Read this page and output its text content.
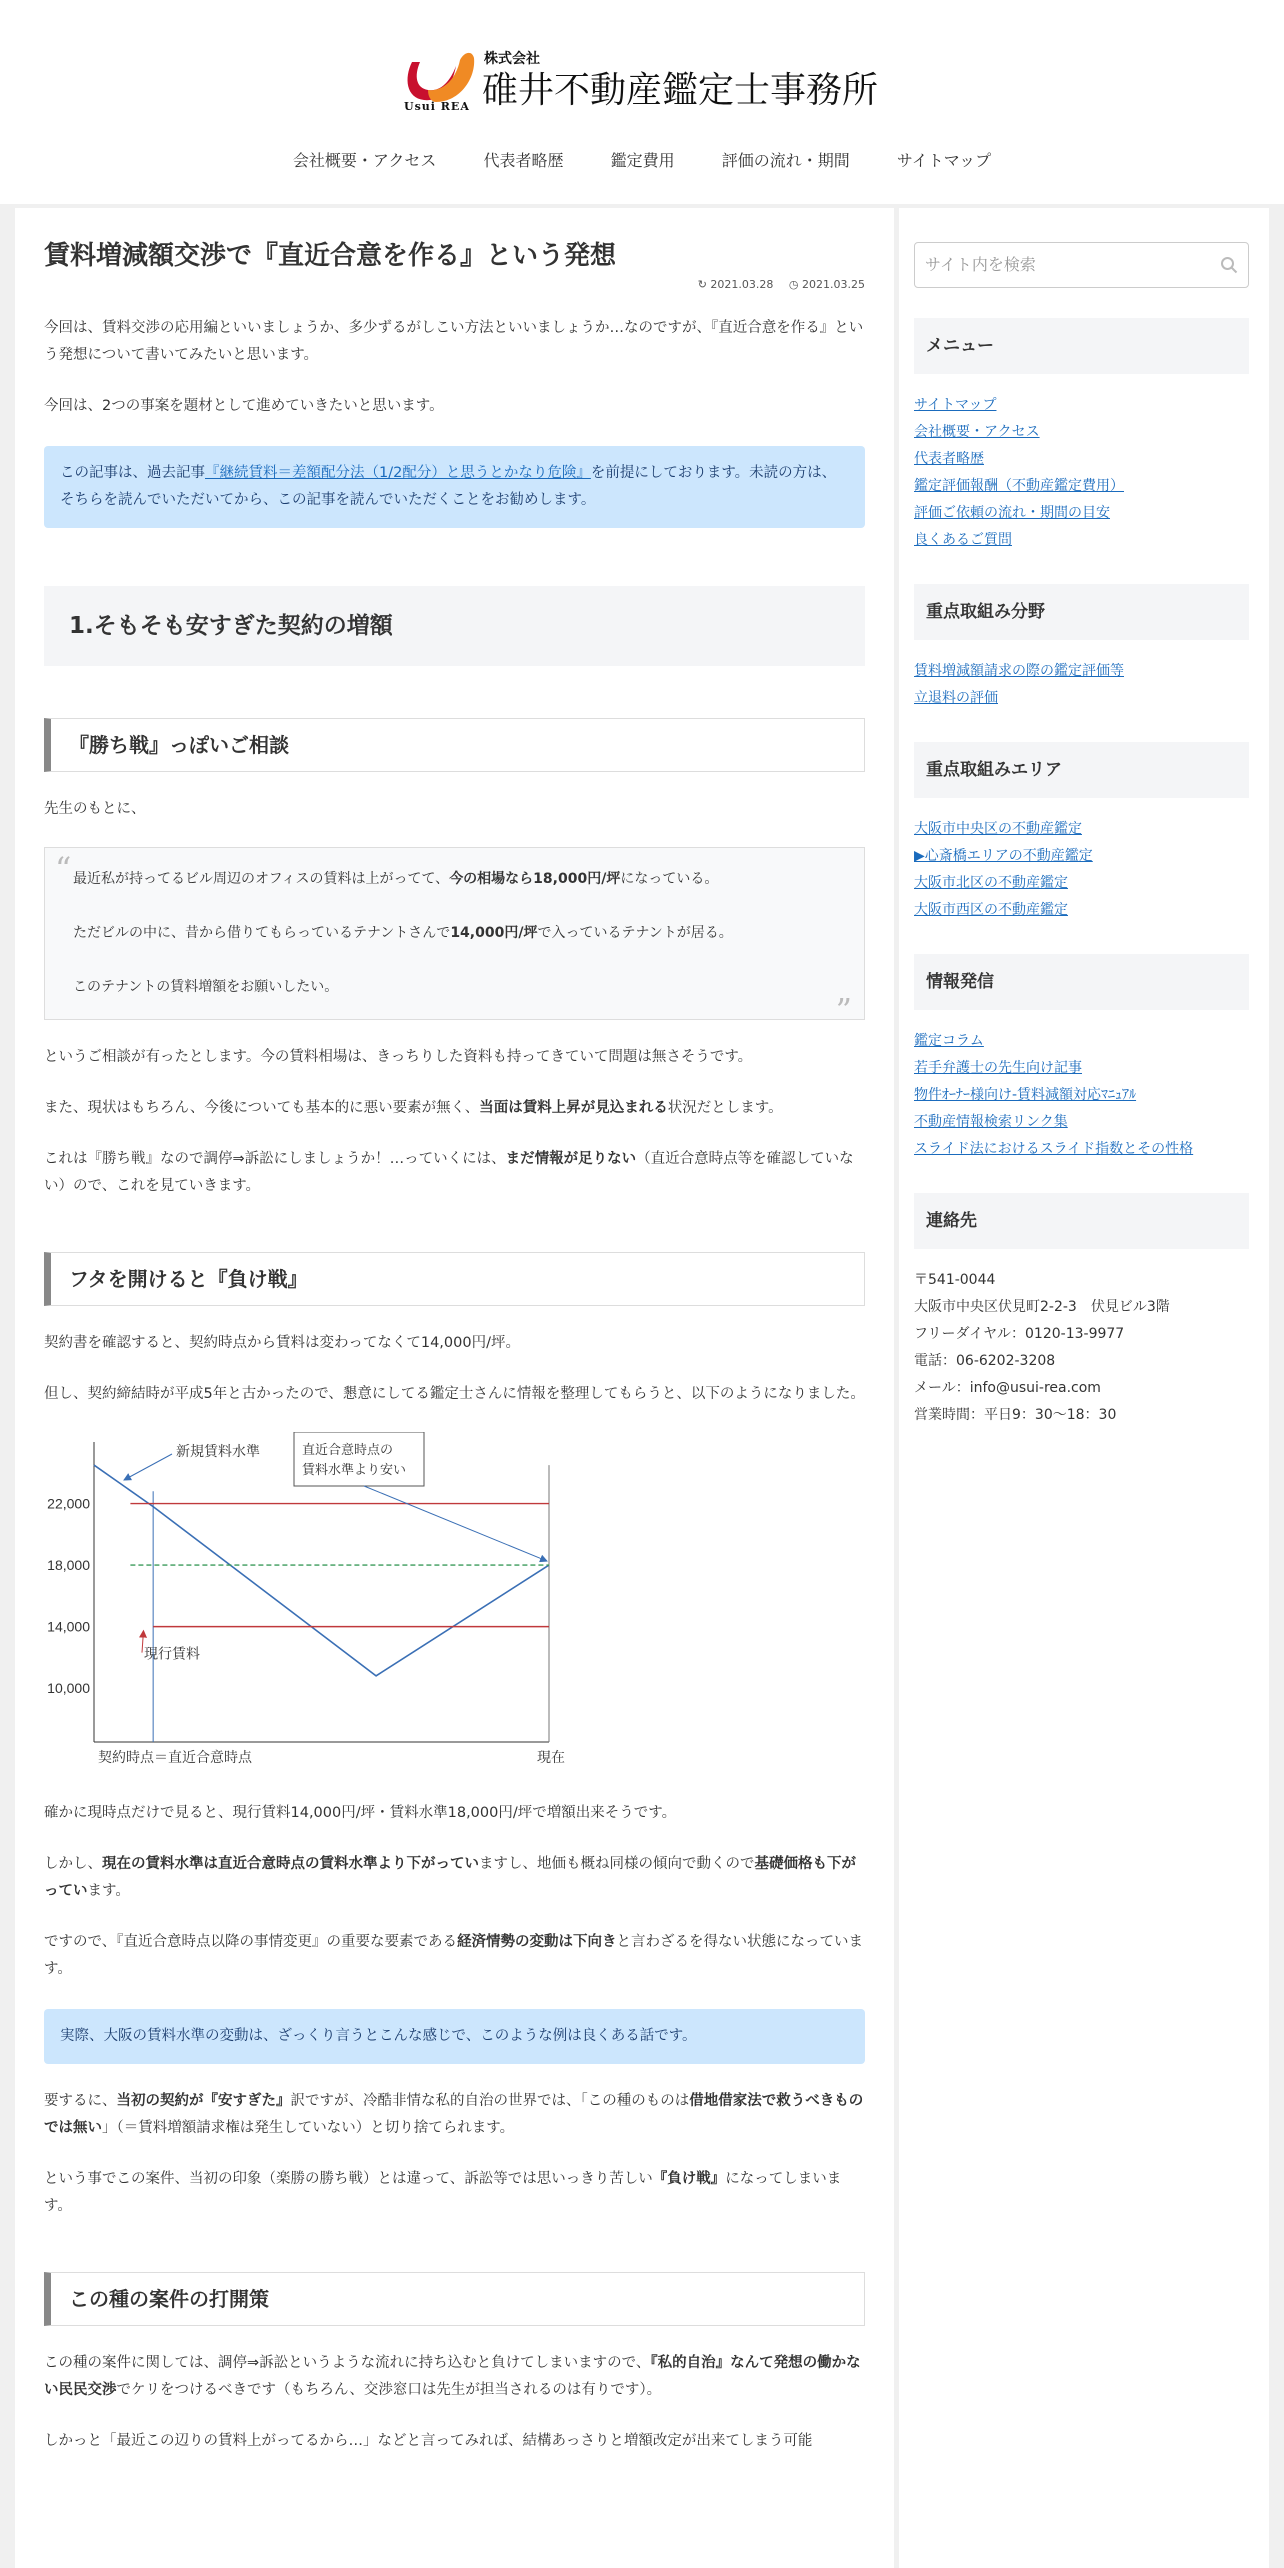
Usui REA
株式会社
碓井不動産鑑定士事務所
会社概要・アクセス	代表者略歴	鑑定費用	評価の流れ・期間	サイトマップ
賃料増減額交渉で『直近合意を作る』という発想
↻ 2021.03.28 ◷ 2021.03.25

今回は、賃料交渉の応用編といいましょうか、多少ずるがしこい方法といいましょうか…なのですが、『直近合意を作る』という発想について書いてみたいと思います。

今回は、2つの事案を題材として進めていきたいと思います。

この記事は、過去記事『継続賃料＝差額配分法（1/2配分）と思うとかなり危険』を前提にしております。未読の方は、そちらを読んでいただいてから、この記事を読んでいただくことをお勧めします。
1.そもそも安すぎた契約の増額
『勝ち戦』っぽいご相談

先生のもとに、

“ 最近私が持ってるビル周辺のオフィスの賃料は上がってて、今の相場なら18,000円/坪になっている。

ただビルの中に、昔から借りてもらっているテナントさんで14,000円/坪で入っているテナントが居る。

このテナントの賃料増額をお願いしたい。

”

というご相談が有ったとします。今の賃料相場は、きっちりした資料も持ってきていて問題は無さそうです。

また、現状はもちろん、今後についても基本的に悪い要素が無く、当面は賃料上昇が見込まれる状況だとします。

これは『勝ち戦』なので調停⇒訴訟にしましょうか！…っていくには、まだ情報が足りない（直近合意時点等を確認していない）ので、これを見ていきます。

フタを開けると『負け戦』

契約書を確認すると、契約時点から賃料は変わってなくて14,000円/坪。

但し、契約締結時が平成5年と古かったので、懇意にしてる鑑定士さんに情報を整理してもらうと、以下のようになりました。

22,000
18,000
14,000
10,000
契約時点＝直近合意時点	現在
新規賃料水準	直近合意時点の
賃料水準より安い
現行賃料

確かに現時点だけで見ると、現行賃料14,000円/坪・賃料水準18,000円/坪で増額出来そうです。

しかし、現在の賃料水準は直近合意時点の賃料水準より下がっていますし、地価も概ね同様の傾向で動くので基礎価格も下がっています。

ですので、『直近合意時点以降の事情変更』の重要な要素である経済情勢の変動は下向きと言わざるを得ない状態になっています。

実際、大阪の賃料水準の変動は、ざっくり言うとこんな感じで、このような例は良くある話です。

要するに、当初の契約が『安すぎた』訳ですが、冷酷非情な私的自治の世界では、「この種のものは借地借家法で救うべきものでは無い」（＝賃料増額請求権は発生していない）と切り捨てられます。

という事でこの案件、当初の印象（楽勝の勝ち戦）とは違って、訴訟等では思いっきり苦しい『負け戦』になってしまいます。

この種の案件の打開策

この種の案件に関しては、調停⇒訴訟というような流れに持ち込むと負けてしまいますので、『私的自治』なんて発想の働かない民民交渉でケリをつけるべきです（もちろん、交渉窓口は先生が担当されるのは有りです）。

しかっと「最近この辺りの賃料上がってるから…」などと言ってみれば、結構あっさりと増額改定が出来てしまう可能

サイト内を検索
メニュー
サイトマップ
会社概要・アクセス
代表者略歴
鑑定評価報酬（不動産鑑定費用）
評価ご依頼の流れ・期間の目安
良くあるご質問
重点取組み分野
賃料増減額請求の際の鑑定評価等
立退料の評価
重点取組みエリア
大阪市中央区の不動産鑑定
▶心斎橋エリアの不動産鑑定
大阪市北区の不動産鑑定
大阪市西区の不動産鑑定
情報発信
鑑定コラム
若手弁護士の先生向け記事
物件ｵｰﾅｰ様向け-賃料減額対応ﾏﾆｭｱﾙ
不動産情報検索リンク集
スライド法におけるスライド指数とその性格
連絡先
〒541-0044
大阪市中央区伏見町2-2-3　伏見ビル3階
フリーダイヤル：0120-13-9977
電話：06-6202-3208
メール：info@usui-rea.com
営業時間：平日9：30〜18：30
